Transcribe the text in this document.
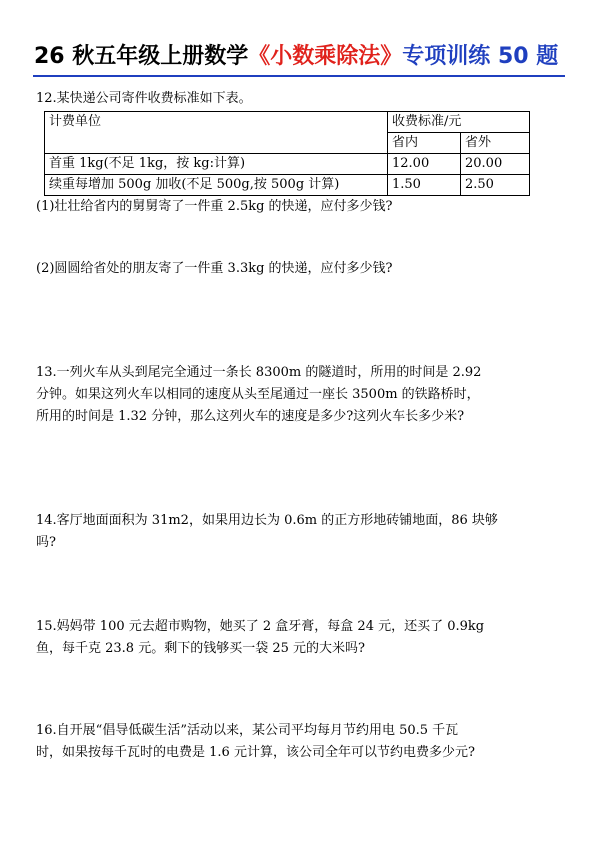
26 秋五年级上册数学《小数乘除法》专项训练 50 题
12.某快递公司寄件收费标准如下表。
计费单位	收费标准/元	
	省内	省外
首重 1kg(不足 1kg，按 kg:计算)	12.00	20.00
续重每增加 500g 加收(不足 500g,按 500g 计算)	1.50	2.50
(1)壮壮给省内的舅舅寄了一件重 2.5kg 的快递，应付多少钱?
(2)圆圆给省处的朋友寄了一件重 3.3kg 的快递，应付多少钱?
13.一列火车从头到尾完全通过一条长 8300m 的隧道时，所用的时间是 2.92
分钟。如果这列火车以相同的速度从头至尾通过一座长 3500m 的铁路桥时，
所用的时间是 1.32 分钟，那么这列火车的速度是多少?这列火车长多少米?
14.客厅地面面积为 31m2，如果用边长为 0.6m 的正方形地砖铺地面，86 块够
吗?
15.妈妈带 100 元去超市购物，她买了 2 盒牙膏，每盒 24 元，还买了 0.9kg
鱼，每千克 23.8 元。剩下的钱够买一袋 25 元的大米吗?
16.自开展“倡导低碳生活”活动以来，某公司平均每月节约用电 50.5 千瓦
时，如果按每千瓦时的电费是 1.6 元计算，该公司全年可以节约电费多少元?
